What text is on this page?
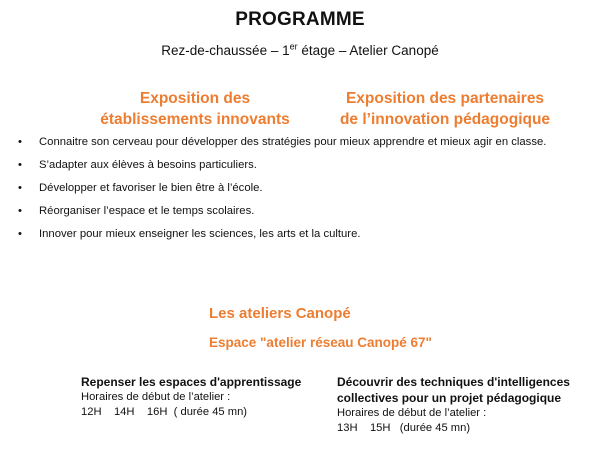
PROGRAMME
Rez-de-chaussée – 1er étage – Atelier Canopé
Exposition des
établissements innovants
Exposition des partenaires
de l’innovation pédagogique
• Connaitre son cerveau pour développer des stratégies pour mieux apprendre et mieux agir en classe.
• S’adapter aux élèves à besoins particuliers.
• Développer et favoriser le bien être à l’école.
• Réorganiser l’espace et le temps scolaires.
• Innover pour mieux enseigner les sciences, les arts et la culture.
Les ateliers Canopé
Espace "atelier réseau Canopé 67"
Repenser les espaces d'apprentissage
Horaires de début de l’atelier :
12H    14H    16H  ( durée 45 mn)
Découvrir des techniques d'intelligences
collectives pour un projet pédagogique
Horaires de début de l’atelier :
13H    15H   (durée 45 mn)
